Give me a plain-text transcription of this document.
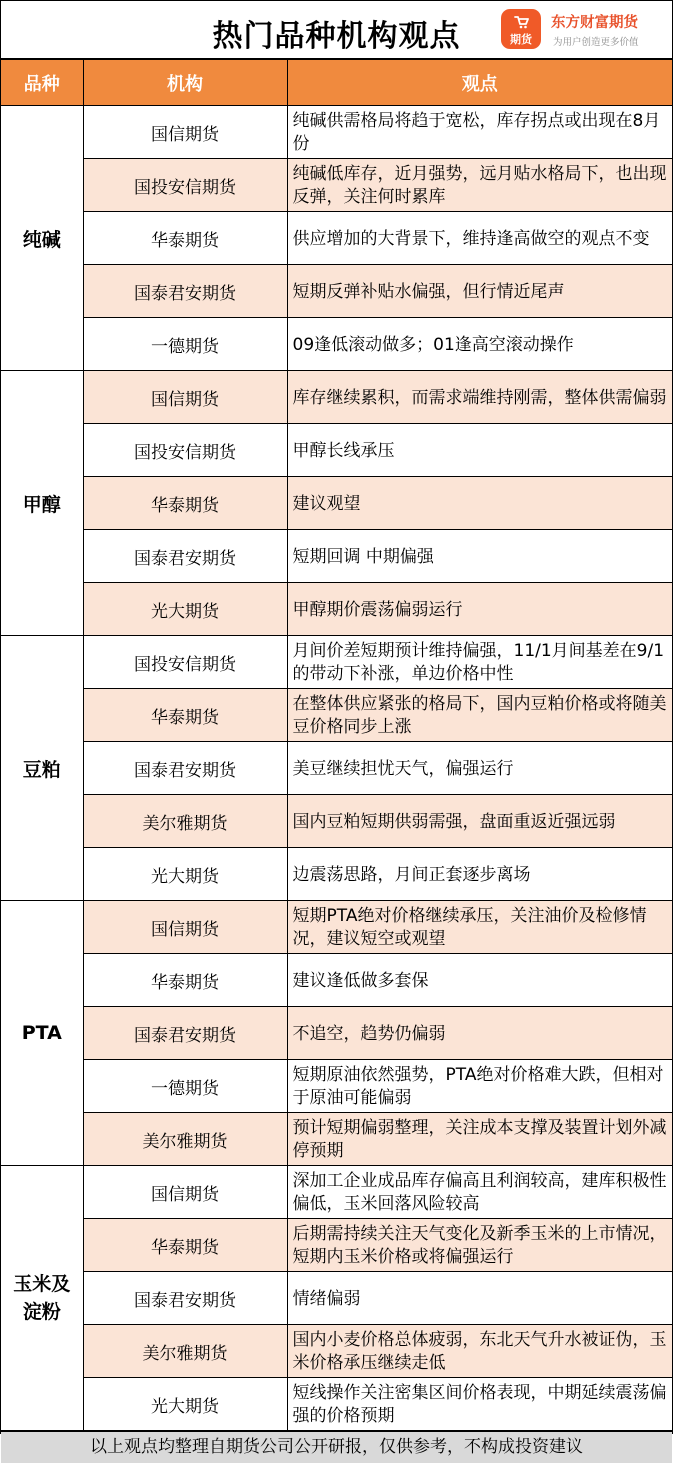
热门品种机构观点	期货
东方财富期货
为用户创造更多价值
品种	机构	观点
纯碱	国信期货	纯碱供需格局将趋于宽松，库存拐点或出现在8月份
	国投安信期货	纯碱低库存，近月强势，远月贴水格局下，也出现反弹，关注何时累库
	华泰期货	供应增加的大背景下，维持逢高做空的观点不变
	国泰君安期货	短期反弹补贴水偏强，但行情近尾声
	一德期货	09逢低滚动做多；01逢高空滚动操作
甲醇	国信期货	库存继续累积，而需求端维持刚需，整体供需偏弱
	国投安信期货	甲醇长线承压
	华泰期货	建议观望
	国泰君安期货	短期回调 中期偏强
	光大期货	甲醇期价震荡偏弱运行
豆粕	国投安信期货	月间价差短期预计维持偏强，11/1月间基差在9/1的带动下补涨，单边价格中性
	华泰期货	在整体供应紧张的格局下，国内豆粕价格或将随美豆价格同步上涨
	国泰君安期货	美豆继续担忧天气，偏强运行
	美尔雅期货	国内豆粕短期供弱需强，盘面重返近强远弱
	光大期货	边震荡思路，月间正套逐步离场
PTA	国信期货	短期PTA绝对价格继续承压，关注油价及检修情况，建议短空或观望
	华泰期货	建议逢低做多套保
	国泰君安期货	不追空，趋势仍偏弱
	一德期货	短期原油依然强势，PTA绝对价格难大跌，但相对于原油可能偏弱
	美尔雅期货	预计短期偏弱整理，关注成本支撑及装置计划外减停预期
玉米及淀粉	国信期货	深加工企业成品库存偏高且利润较高，建库积极性偏低，玉米回落风险较高
	华泰期货	后期需持续关注天气变化及新季玉米的上市情况，短期内玉米价格或将偏强运行
	国泰君安期货	情绪偏弱
	美尔雅期货	国内小麦价格总体疲弱，东北天气升水被证伪，玉米价格承压继续走低
	光大期货	短线操作关注密集区间价格表现，中期延续震荡偏强的价格预期
以上观点均整理自期货公司公开研报，仅供参考，不构成投资建议
